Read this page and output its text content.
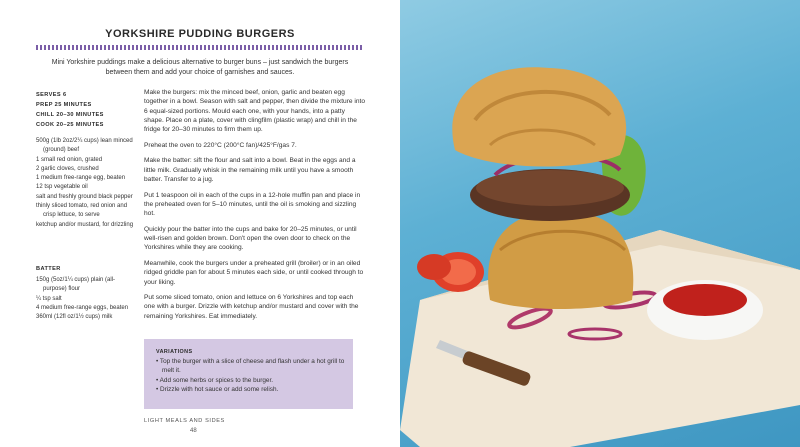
YORKSHIRE PUDDING BURGERS
Mini Yorkshire puddings make a delicious alternative to burger buns – just sandwich the burgers between them and add your choice of garnishes and sauces.
SERVES 6
PREP 25 MINUTES
CHILL 20–30 MINUTES
COOK 20–25 MINUTES
500g (1lb 2oz/2¼ cups) lean minced (ground) beef
1 small red onion, grated
2 garlic cloves, crushed
1 medium free-range egg, beaten
12 tsp vegetable oil
salt and freshly ground black pepper
thinly sliced tomato, red onion and crisp lettuce, to serve
ketchup and/or mustard, for drizzling
BATTER
150g (5oz/1¼ cups) plain (all-purpose) flour
¼ tsp salt
4 medium free-range eggs, beaten
360ml (12fl oz/1½ cups) milk

Make the burgers: mix the minced beef, onion, garlic and beaten egg together in a bowl. Season with salt and pepper, then divide the mixture into 6 equal-sized portions. Mould each one, with your hands, into a patty shape. Place on a plate, cover with clingfilm (plastic wrap) and chill in the fridge for 20–30 minutes to firm them up.

Preheat the oven to 220°C (200°C fan)/425°F/gas 7.

Make the batter: sift the flour and salt into a bowl. Beat in the eggs and a little milk. Gradually whisk in the remaining milk until you have a smooth batter. Transfer to a jug.

Put 1 teaspoon oil in each of the cups in a 12-hole muffin pan and place in the preheated oven for 5–10 minutes, until the oil is smoking and sizzling hot.

Quickly pour the batter into the cups and bake for 20–25 minutes, or until well-risen and golden brown. Don't open the oven door to check on the Yorkshires while they are cooking.

Meanwhile, cook the burgers under a preheated grill (broiler) or in an oiled ridged griddle pan for about 5 minutes each side, or until cooked through to your liking.

Put some sliced tomato, onion and lettuce on 6 Yorkshires and top each one with a burger. Drizzle with ketchup and/or mustard and cover with the remaining Yorkshires. Eat immediately.

VARIATIONS
• Top the burger with a slice of cheese and flash under a hot grill to melt it.
• Add some herbs or spices to the burger.
• Drizzle with hot sauce or add some relish.
LIGHT MEALS AND SIDES
48
